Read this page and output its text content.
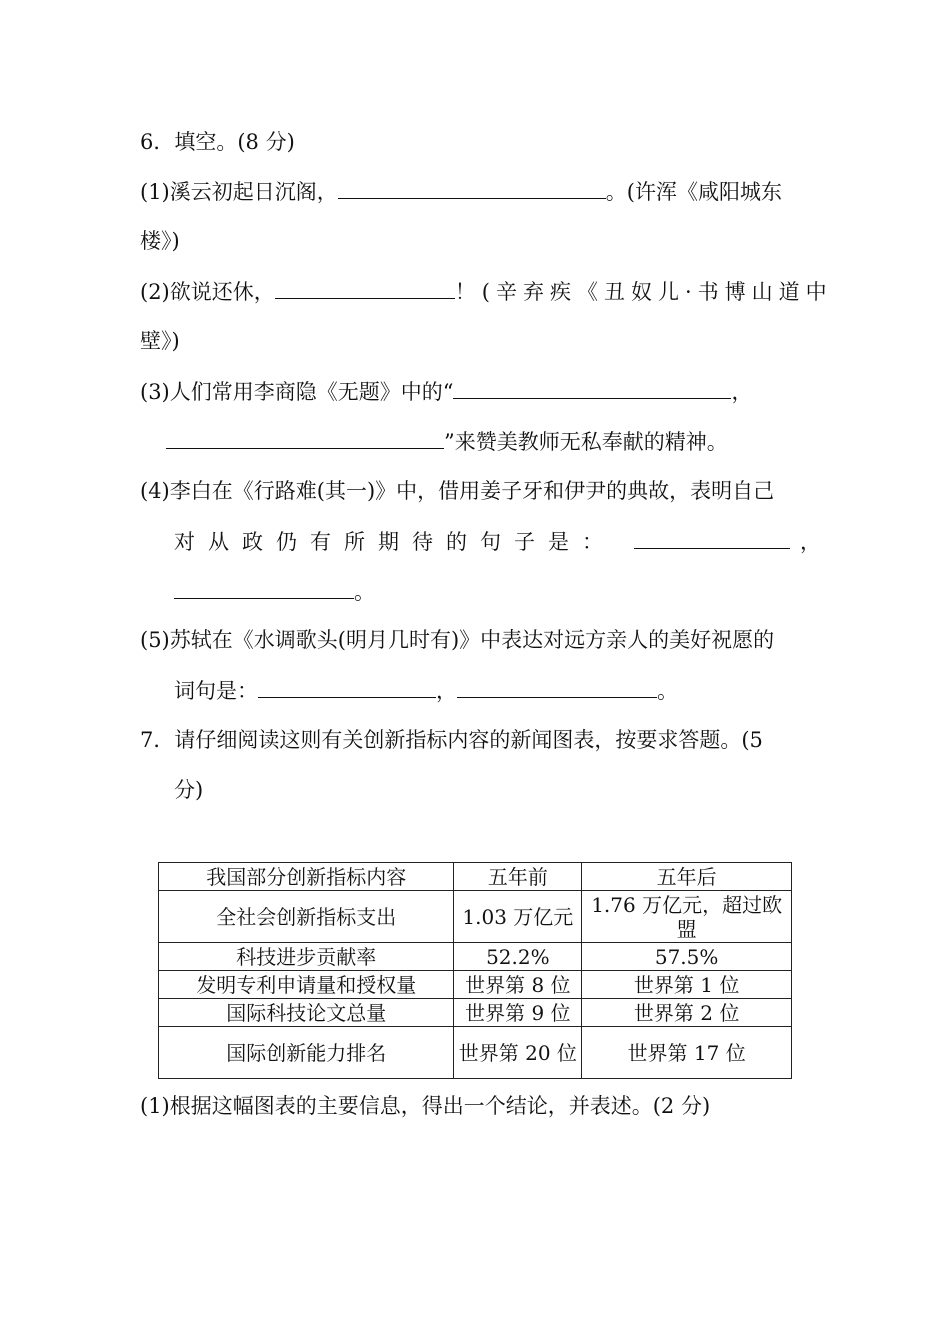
6．填空。(8 分)
(1)溪云初起日沉阁，	。(许浑《咸阳城东
楼》)
(2)欲说还休，	！(辛弃疾《丑奴儿·书博山道中
壁》)
(3)人们常用李商隐《无题》中的“	，
”来赞美教师无私奉献的精神。
(4)李白在《行路难(其一)》中，借用姜子牙和伊尹的典故，表明自己
对从政仍有所期待的句子是：	，
。
(5)苏轼在《水调歌头(明月几时有)》中表达对远方亲人的美好祝愿的
词句是：	，	。
7．请仔细阅读这则有关创新指标内容的新闻图表，按要求答题。(5
分)
我国部分创新指标内容	五年前	五年后
全社会创新指标支出	1.03 万亿元	1.76 万亿元，超过欧盟
科技进步贡献率	52.2%	57.5%
发明专利申请量和授权量	世界第 8 位	世界第 1 位
国际科技论文总量	世界第 9 位	世界第 2 位
国际创新能力排名	世界第 20 位	世界第 17 位
(1)根据这幅图表的主要信息，得出一个结论，并表述。(2 分)
